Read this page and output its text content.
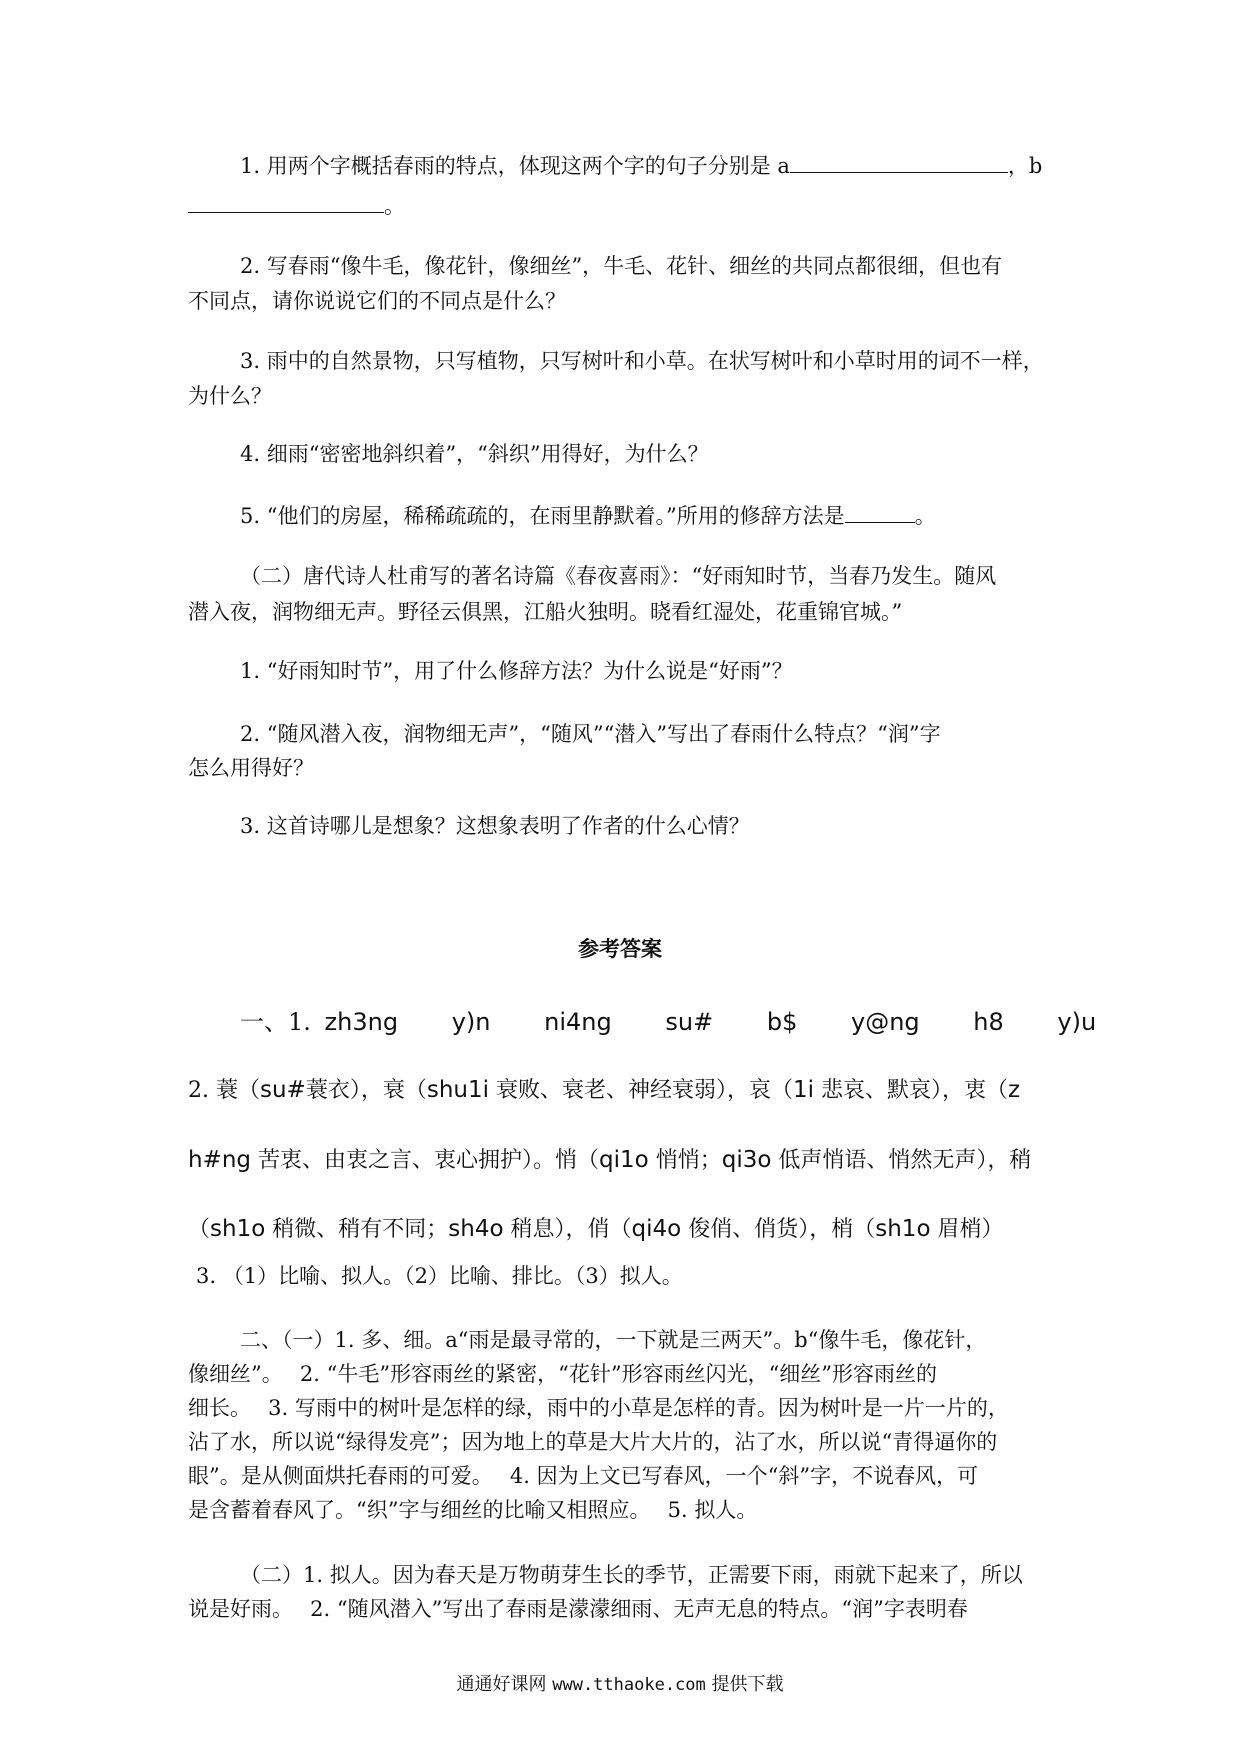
1. 用两个字概括春雨的特点，体现这两个字的句子分别是 a	，b
。
2. 写春雨“像牛毛，像花针，像细丝”，牛毛、花针、细丝的共同点都很细，但也有
不同点，请你说说它们的不同点是什么？
3. 雨中的自然景物，只写植物，只写树叶和小草。在状写树叶和小草时用的词不一样，
为什么？
4. 细雨“密密地斜织着”，“斜织”用得好，为什么？
5. “他们的房屋，稀稀疏疏的，在雨里静默着。”所用的修辞方法是	。
（二）唐代诗人杜甫写的著名诗篇《春夜喜雨》：“好雨知时节，当春乃发生。随风
潜入夜，润物细无声。野径云俱黑，江船火独明。晓看红湿处，花重锦官城。”
1. “好雨知时节”，用了什么修辞方法？为什么说是“好雨”？
2. “随风潜入夜，润物细无声”，“随风”“潜入”写出了春雨什么特点？“润”字
怎么用得好？
3. 这首诗哪儿是想象？这想象表明了作者的什么心情？
参考答案
一、1. zh3ng y)n ni4ng su# b$ y@ng h8 y)u
2. 蓑（su#蓑衣），衰（shu1i 衰败、衰老、神经衰弱），哀（1i 悲哀、默哀），衷（z
h#ng 苦衷、由衷之言、衷心拥护）。悄（qi1o 悄悄；qi3o 低声悄语、悄然无声），稍
（sh1o 稍微、稍有不同；sh4o 稍息），俏（qi4o 俊俏、俏货），梢（sh1o 眉梢）
3. （1）比喻、拟人。（2）比喻、排比。（3）拟人。
二、（一）1. 多、细。a“雨是最寻常的，一下就是三两天”。b“像牛毛，像花针，
像细丝”。　 2. “牛毛”形容雨丝的紧密，“花针”形容雨丝闪光，“细丝”形容雨丝的
细长。　 3. 写雨中的树叶是怎样的绿，雨中的小草是怎样的青。因为树叶是一片一片的，
沾了水，所以说“绿得发亮”；因为地上的草是大片大片的，沾了水，所以说“青得逼你的
眼”。是从侧面烘托春雨的可爱。　 4. 因为上文已写春风，一个“斜”字，不说春风，可
是含蓄着春风了。“织”字与细丝的比喻又相照应。　 5. 拟人。
（二）1. 拟人。因为春天是万物萌芽生长的季节，正需要下雨，雨就下起来了，所以
说是好雨。　 2. “随风潜入”写出了春雨是濛濛细雨、无声无息的特点。“润”字表明春
通通好课网 www.tthaoke.com 提供下载
